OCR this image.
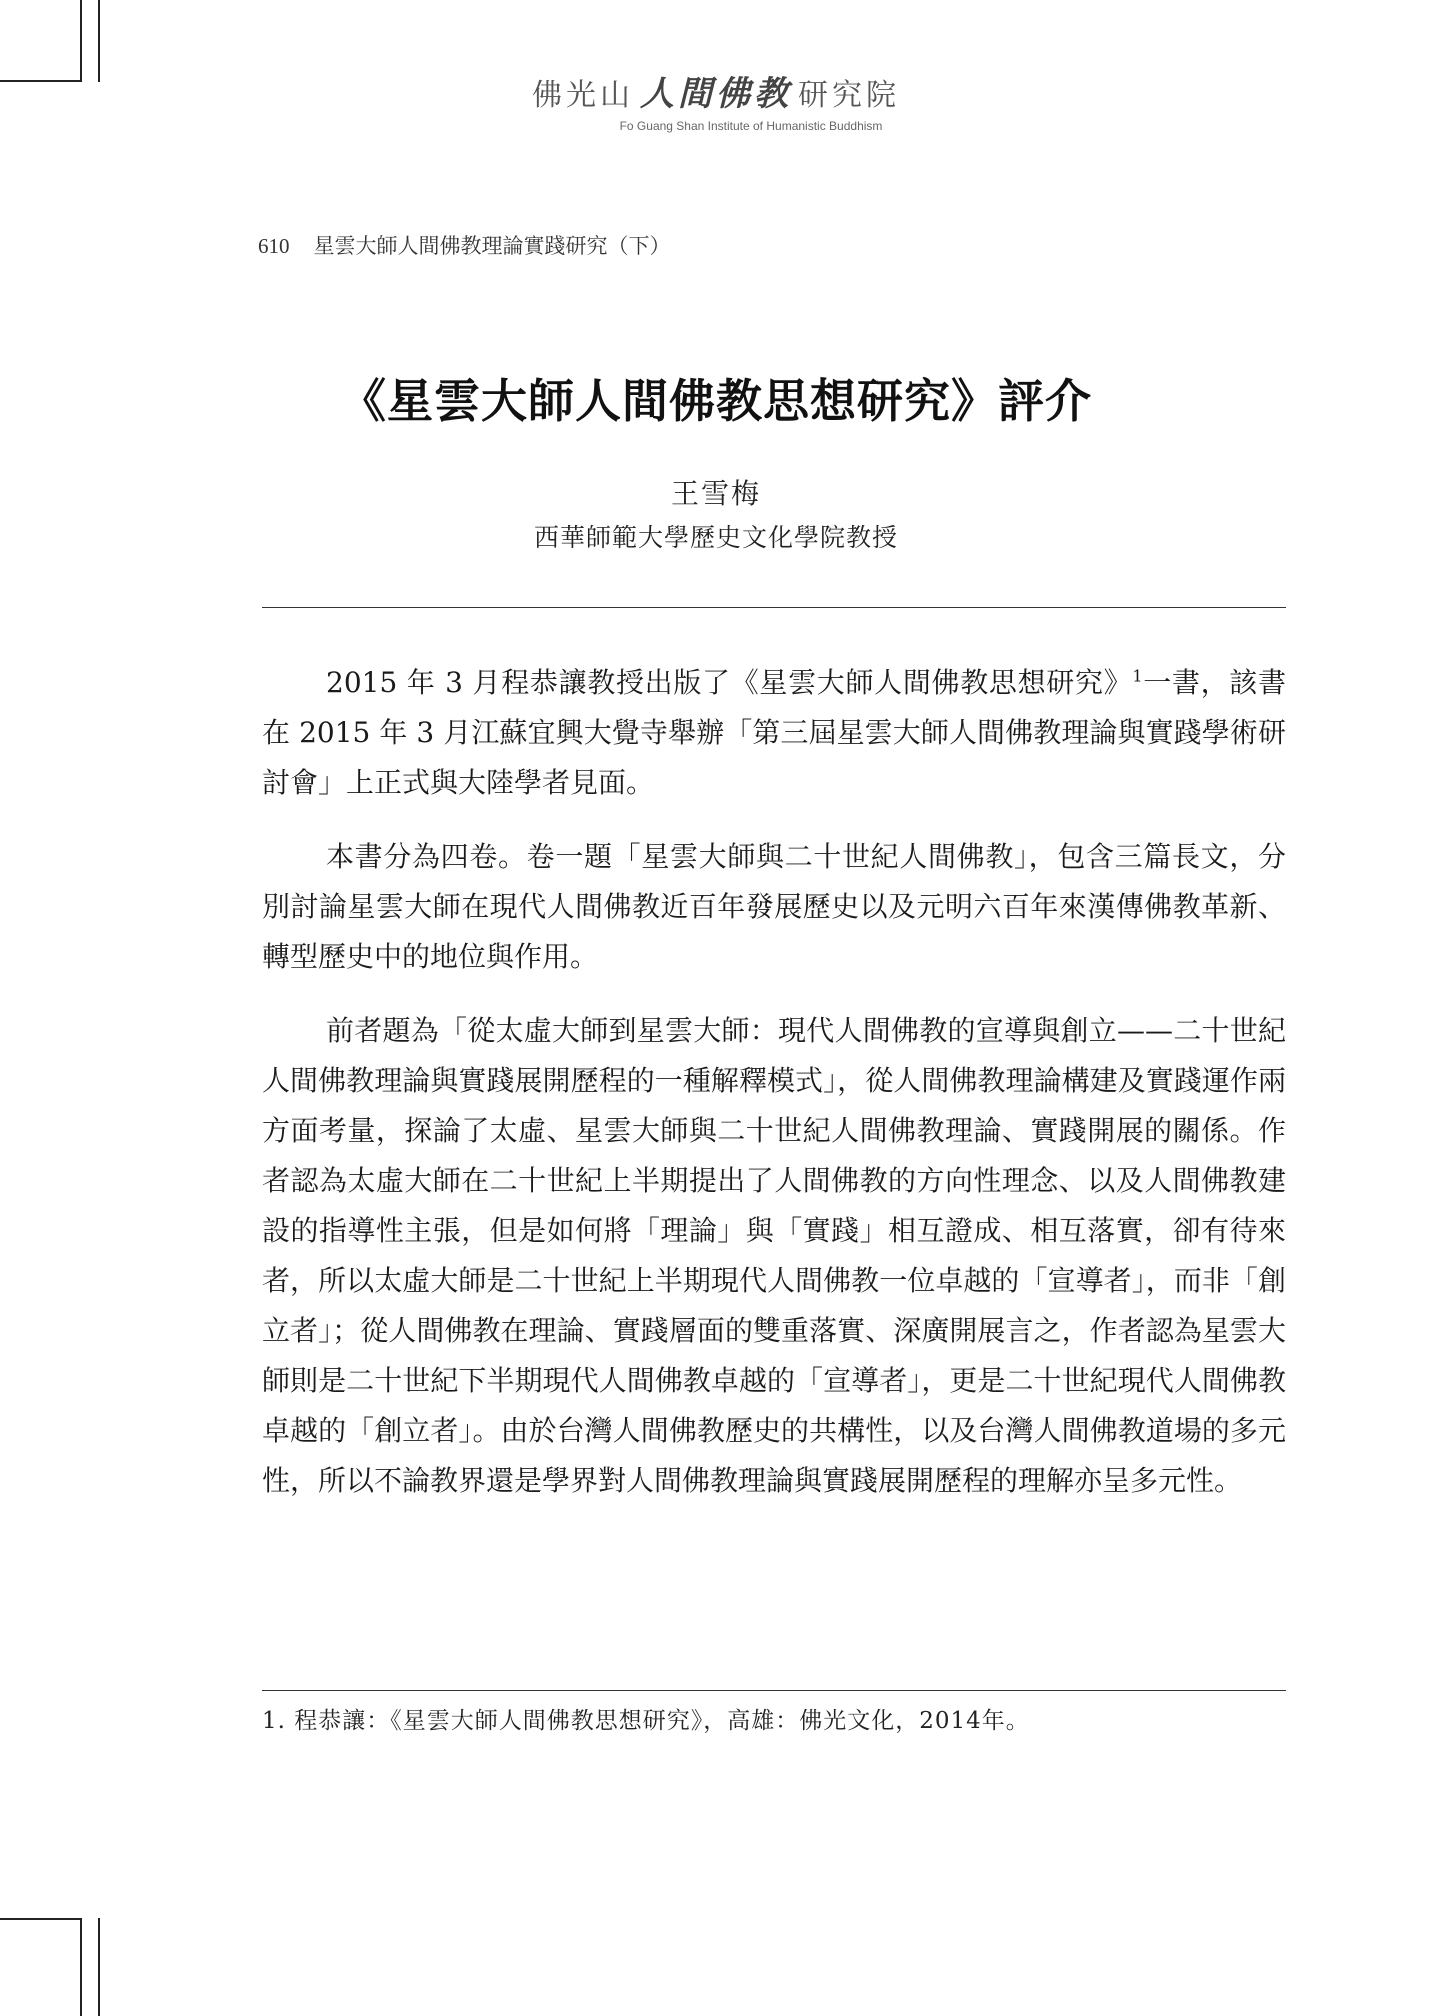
佛光山 人間佛教 研究院
Fo Guang Shan Institute of Humanistic Buddhism
610 星雲大師人間佛教理論實踐研究（下）
《星雲大師人間佛教思想研究》評介
王雪梅
西華師範大學歷史文化學院教授

2015 年 3 月程恭讓教授出版了《星雲大師人間佛教思想研究》$^1$一書，該書在 2015 年 3 月江蘇宜興大覺寺舉辦「第三屆星雲大師人間佛教理論與實踐學術研討會」上正式與大陸學者見面。

本書分為四卷。卷一題「星雲大師與二十世紀人間佛教」，包含三篇長文，分別討論星雲大師在現代人間佛教近百年發展歷史以及元明六百年來漢傳佛教革新、轉型歷史中的地位與作用。

前者題為「從太虛大師到星雲大師：現代人間佛教的宣導與創立——二十世紀人間佛教理論與實踐展開歷程的一種解釋模式」，從人間佛教理論構建及實踐運作兩方面考量，探論了太虛、星雲大師與二十世紀人間佛教理論、實踐開展的關係。作者認為太虛大師在二十世紀上半期提出了人間佛教的方向性理念、以及人間佛教建設的指導性主張，但是如何將「理論」與「實踐」相互證成、相互落實，卻有待來者，所以太虛大師是二十世紀上半期現代人間佛教一位卓越的「宣導者」，而非「創立者」；從人間佛教在理論、實踐層面的雙重落實、深廣開展言之，作者認為星雲大師則是二十世紀下半期現代人間佛教卓越的「宣導者」，更是二十世紀現代人間佛教卓越的「創立者」。由於台灣人間佛教歷史的共構性，以及台灣人間佛教道場的多元性，所以不論教界還是學界對人間佛教理論與實踐展開歷程的理解亦呈多元性。

1. 程恭讓：《星雲大師人間佛教思想研究》，高雄：佛光文化，2014年。
